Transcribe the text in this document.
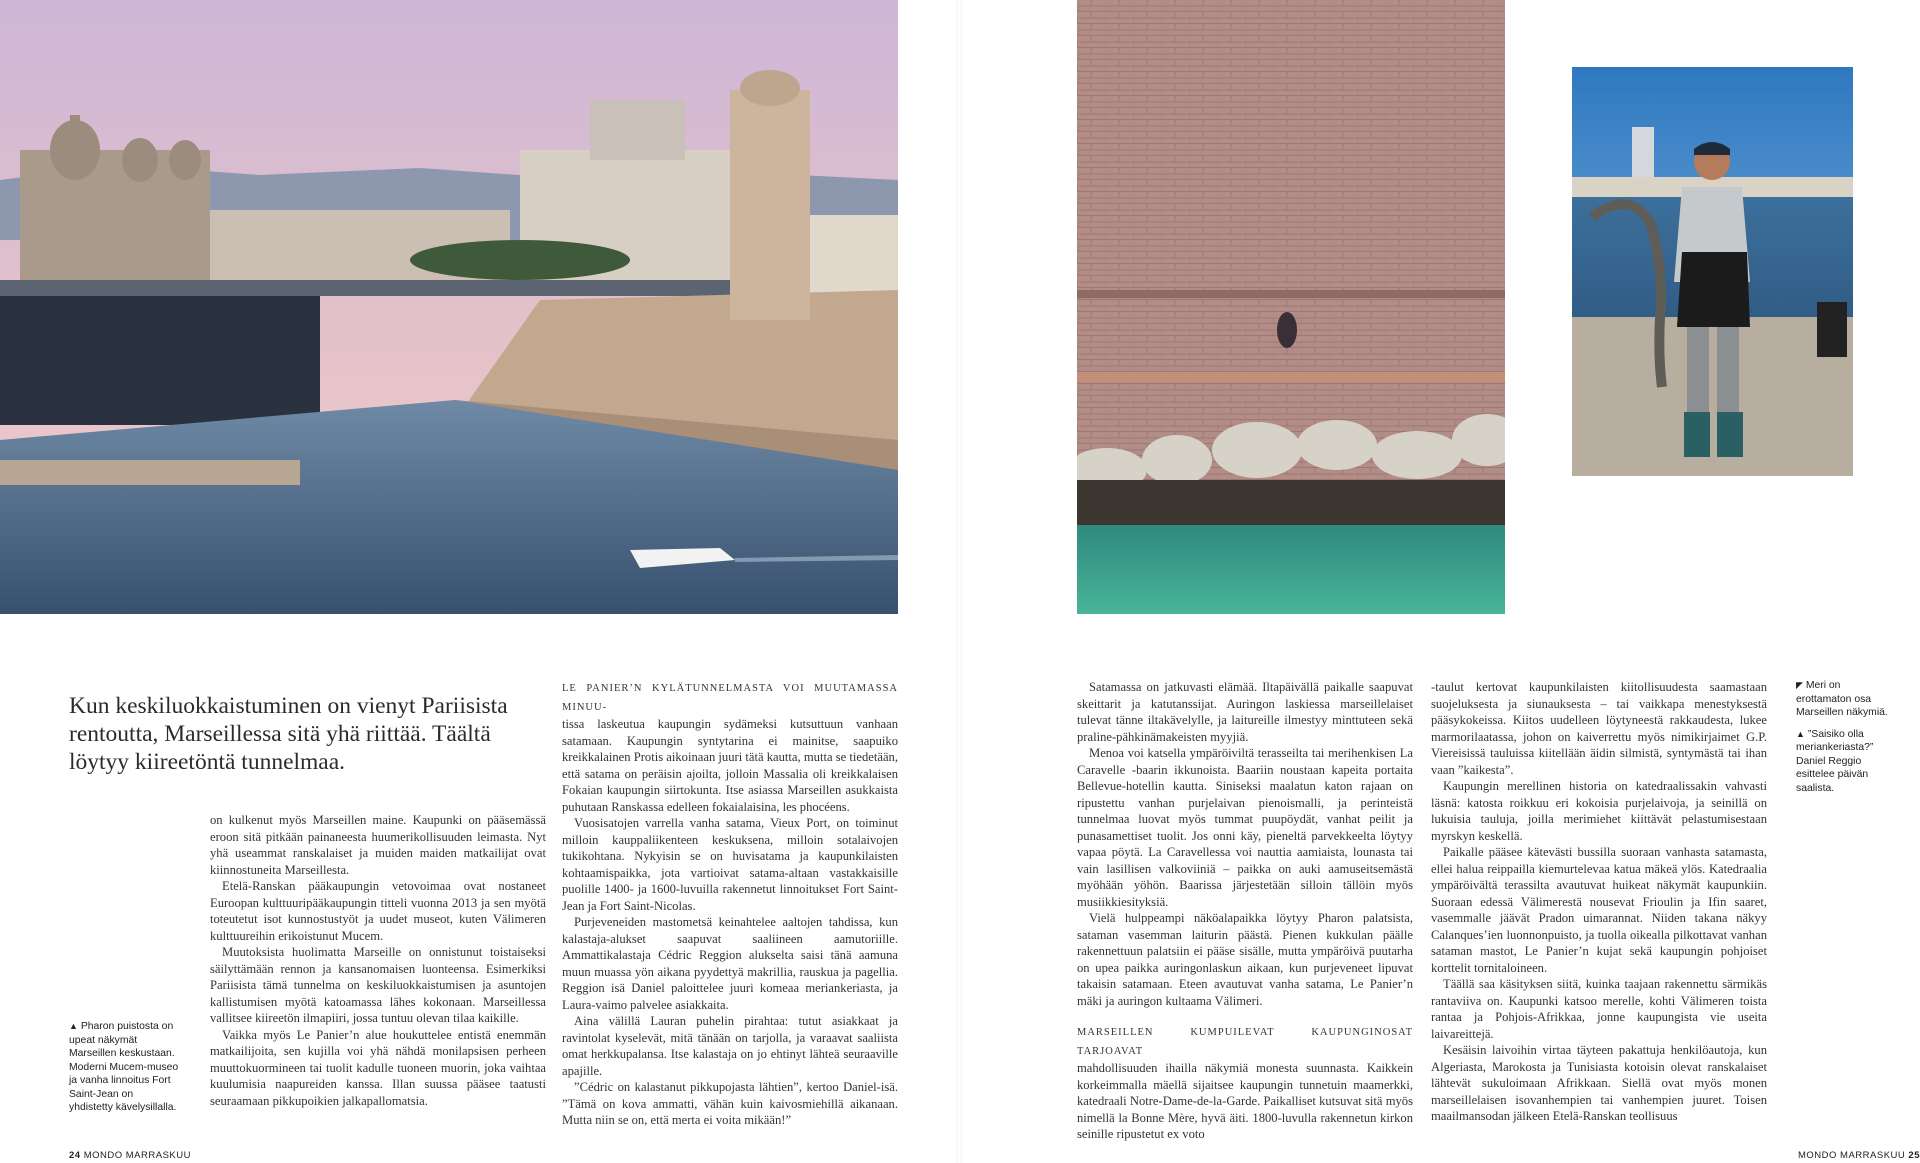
Kun keskiluokkaistuminen on vienyt Pariisista rentoutta, Marseillessa sitä yhä riittää. Täältä löytyy kiireetöntä tunnelmaa.
▲ Pharon puistosta on upeat näkymät Marseillen keskustaan. Moderni Mucem-museo ja vanha linnoitus Fort Saint-Jean on yhdistetty kävelysillalla.

on kulkenut myös Marseillen maine. Kaupunki on pääsemässä eroon sitä pitkään painaneesta huumerikollisuuden leimasta. Nyt yhä useammat ranskalaiset ja muiden maiden matkailijat ovat kiinnostuneita Marseillesta.

Etelä-Ranskan pääkaupungin vetovoimaa ovat nostaneet Euroopan kulttuuripääkaupungin titteli vuonna 2013 ja sen myötä toteutetut isot kunnostustyöt ja uudet museot, kuten Välimeren kulttuureihin erikoistunut Mucem.

Muutoksista huolimatta Marseille on onnistunut toistaiseksi säilyttämään rennon ja kansanomaisen luonteensa. Esimerkiksi Pariisista tämä tunnelma on keskiluokkaistumisen ja asuntojen kallistumisen myötä katoamassa lähes kokonaan. Marseillessa vallitsee kiireetön ilmapiiri, jossa tuntuu olevan tilaa kaikille.

Vaikka myös Le Panier’n alue houkuttelee entistä enemmän matkailijoita, sen kujilla voi yhä nähdä monilapsisen perheen muuttokuormineen tai tuolit kadulle tuoneen muorin, joka vaihtaa kuulumisia naapureiden kanssa. Illan suussa pääsee taatusti seuraamaan pikkupoikien jalkapallomatsia.

LE PANIER’N KYLÄTUNNELMASTA VOI MUUTAMASSA MINUU-

tissa laskeutua kaupungin sydämeksi kutsuttuun vanhaan satamaan. Kaupungin syntytarina ei mainitse, saapuiko kreikkalainen Protis aikoinaan juuri tätä kautta, mutta se tiedetään, että satama on peräisin ajoilta, jolloin Massalia oli kreikkalaisen Fokaian kaupungin siirtokunta. Itse asiassa Marseillen asukkaista puhutaan Ranskassa edelleen fokaialaisina, les phocéens.

Vuosisatojen varrella vanha satama, Vieux Port, on toiminut milloin kauppaliikenteen keskuksena, milloin sotalaivojen tukikohtana. Nykyisin se on huvisatama ja kaupunkilaisten kohtaamispaikka, jota vartioivat satama-altaan vastakkaisille puolille 1400- ja 1600-luvuilla rakennetut linnoitukset Fort Saint-Jean ja Fort Saint-Nicolas.

Purjeveneiden mastometsä keinahtelee aaltojen tahdissa, kun kalastaja-alukset saapuvat saaliineen aamutoriille. Ammattikalastaja Cédric Reggion alukselta saisi tänä aamuna muun muassa yön aikana pyydettyä makrillia, rauskua ja pagellia. Reggion isä Daniel paloittelee juuri komeaa meriankeriasta, ja Laura-vaimo palvelee asiakkaita.

Aina välillä Lauran puhelin pirahtaa: tutut asiakkaat ja ravintolat kyselevät, mitä tänään on tarjolla, ja varaavat saaliista omat herkkupalansa. Itse kalastaja on jo ehtinyt lähteä seuraaville apajille.

”Cédric on kalastanut pikkupojasta lähtien”, kertoo Daniel-isä. ”Tämä on kova ammatti, vähän kuin kaivosmiehillä aikanaan. Mutta niin se on, että merta ei voita mikään!”

Satamassa on jatkuvasti elämää. Iltapäivällä paikalle saapuvat skeittarit ja katutanssijat. Auringon laskiessa marseillelaiset tulevat tänne iltakävelylle, ja laitureille ilmestyy minttuteen sekä praline-pähkinämakeisten myyjiä.

Menoa voi katsella ympäröiviltä terasseilta tai merihenkisen La Caravelle -baarin ikkunoista. Baariin noustaan kapeita portaita Bellevue-hotellin kautta. Siniseksi maalatun katon rajaan on ripustettu vanhan purjelaivan pienoismalli, ja perinteistä tunnelmaa luovat myös tummat puupöydät, vanhat peilit ja punasamettiset tuolit. Jos onni käy, pieneltä parvekkeelta löytyy vapaa pöytä. La Caravellessa voi nauttia aamiaista, lounasta tai vain lasillisen valkoviiniä – paikka on auki aamuseitsemästä myöhään yöhön. Baarissa järjestetään silloin tällöin myös musiikkiesityksiä.

Vielä hulppeampi näköalapaikka löytyy Pharon palatsista, sataman vasemman laiturin päästä. Pienen kukkulan päälle rakennettuun palatsiin ei pääse sisälle, mutta ympäröivä puutarha on upea paikka auringonlaskun aikaan, kun purjeveneet lipuvat takaisin satamaan. Eteen avautuvat vanha satama, Le Panier’n mäki ja auringon kultaama Välimeri.

MARSEILLEN KUMPUILEVAT KAUPUNGINOSAT TARJOAVAT

mahdollisuuden ihailla näkymiä monesta suunnasta. Kaikkein korkeimmalla mäellä sijaitsee kaupungin tunnetuin maamerkki, katedraali Notre-Dame-de-la-Garde. Paikalliset kutsuvat sitä myös nimellä la Bonne Mère, hyvä äiti. 1800-luvulla rakennetun kirkon seinille ripustetut ex voto

-taulut kertovat kaupunkilaisten kiitollisuudesta saamastaan suojeluksesta ja siunauksesta – tai vaikkapa menestyksestä pääsykokeissa. Kiitos uudelleen löytyneestä rakkaudesta, lukee marmorilaatassa, johon on kaiverrettu myös nimikirjaimet G.P. Viereisissä tauluissa kiitellään äidin silmistä, syntymästä tai ihan vaan ”kaikesta”.

Kaupungin merellinen historia on katedraalissakin vahvasti läsnä: katosta roikkuu eri kokoisia purjelaivoja, ja seinillä on lukuisia tauluja, joilla merimiehet kiittävät pelastumisestaan myrskyn keskellä.

Paikalle pääsee kätevästi bussilla suoraan vanhasta satamasta, ellei halua reippailla kiemurtelevaa katua mäkeä ylös. Katedraalia ympäröivältä terassilta avautuvat huikeat näkymät kaupunkiin. Suoraan edessä Välimerestä nousevat Frioulin ja Ifin saaret, vasemmalle jäävät Pradon uimarannat. Niiden takana näkyy Calanques’ien luonnonpuisto, ja tuolla oikealla pilkottavat vanhan sataman mastot, Le Panier’n kujat sekä kaupungin pohjoiset korttelit tornitaloineen.

Täällä saa käsityksen siitä, kuinka taajaan rakennettu särmikäs rantaviiva on. Kaupunki katsoo merelle, kohti Välimeren toista rantaa ja Pohjois-Afrikkaa, jonne kaupungista vie useita laivareittejä.

Kesäisin laivoihin virtaa täyteen pakattuja henkilöautoja, kun Algeriasta, Marokosta ja Tunisiasta kotoisin olevat ranskalaiset lähtevät sukuloimaan Afrikkaan. Siellä ovat myös monen marseillelaisen isovanhempien tai vanhempien juuret. Toisen maailmansodan jälkeen Etelä-Ranskan teollisuus

◤ Meri on erottamaton osa Marseillen näkymiä.

▲ ”Saisiko olla meriankeriasta?” Daniel Reggio esittelee päivän saalista.

24 MONDO MARRASKUU	MONDO MARRASKUU 25
